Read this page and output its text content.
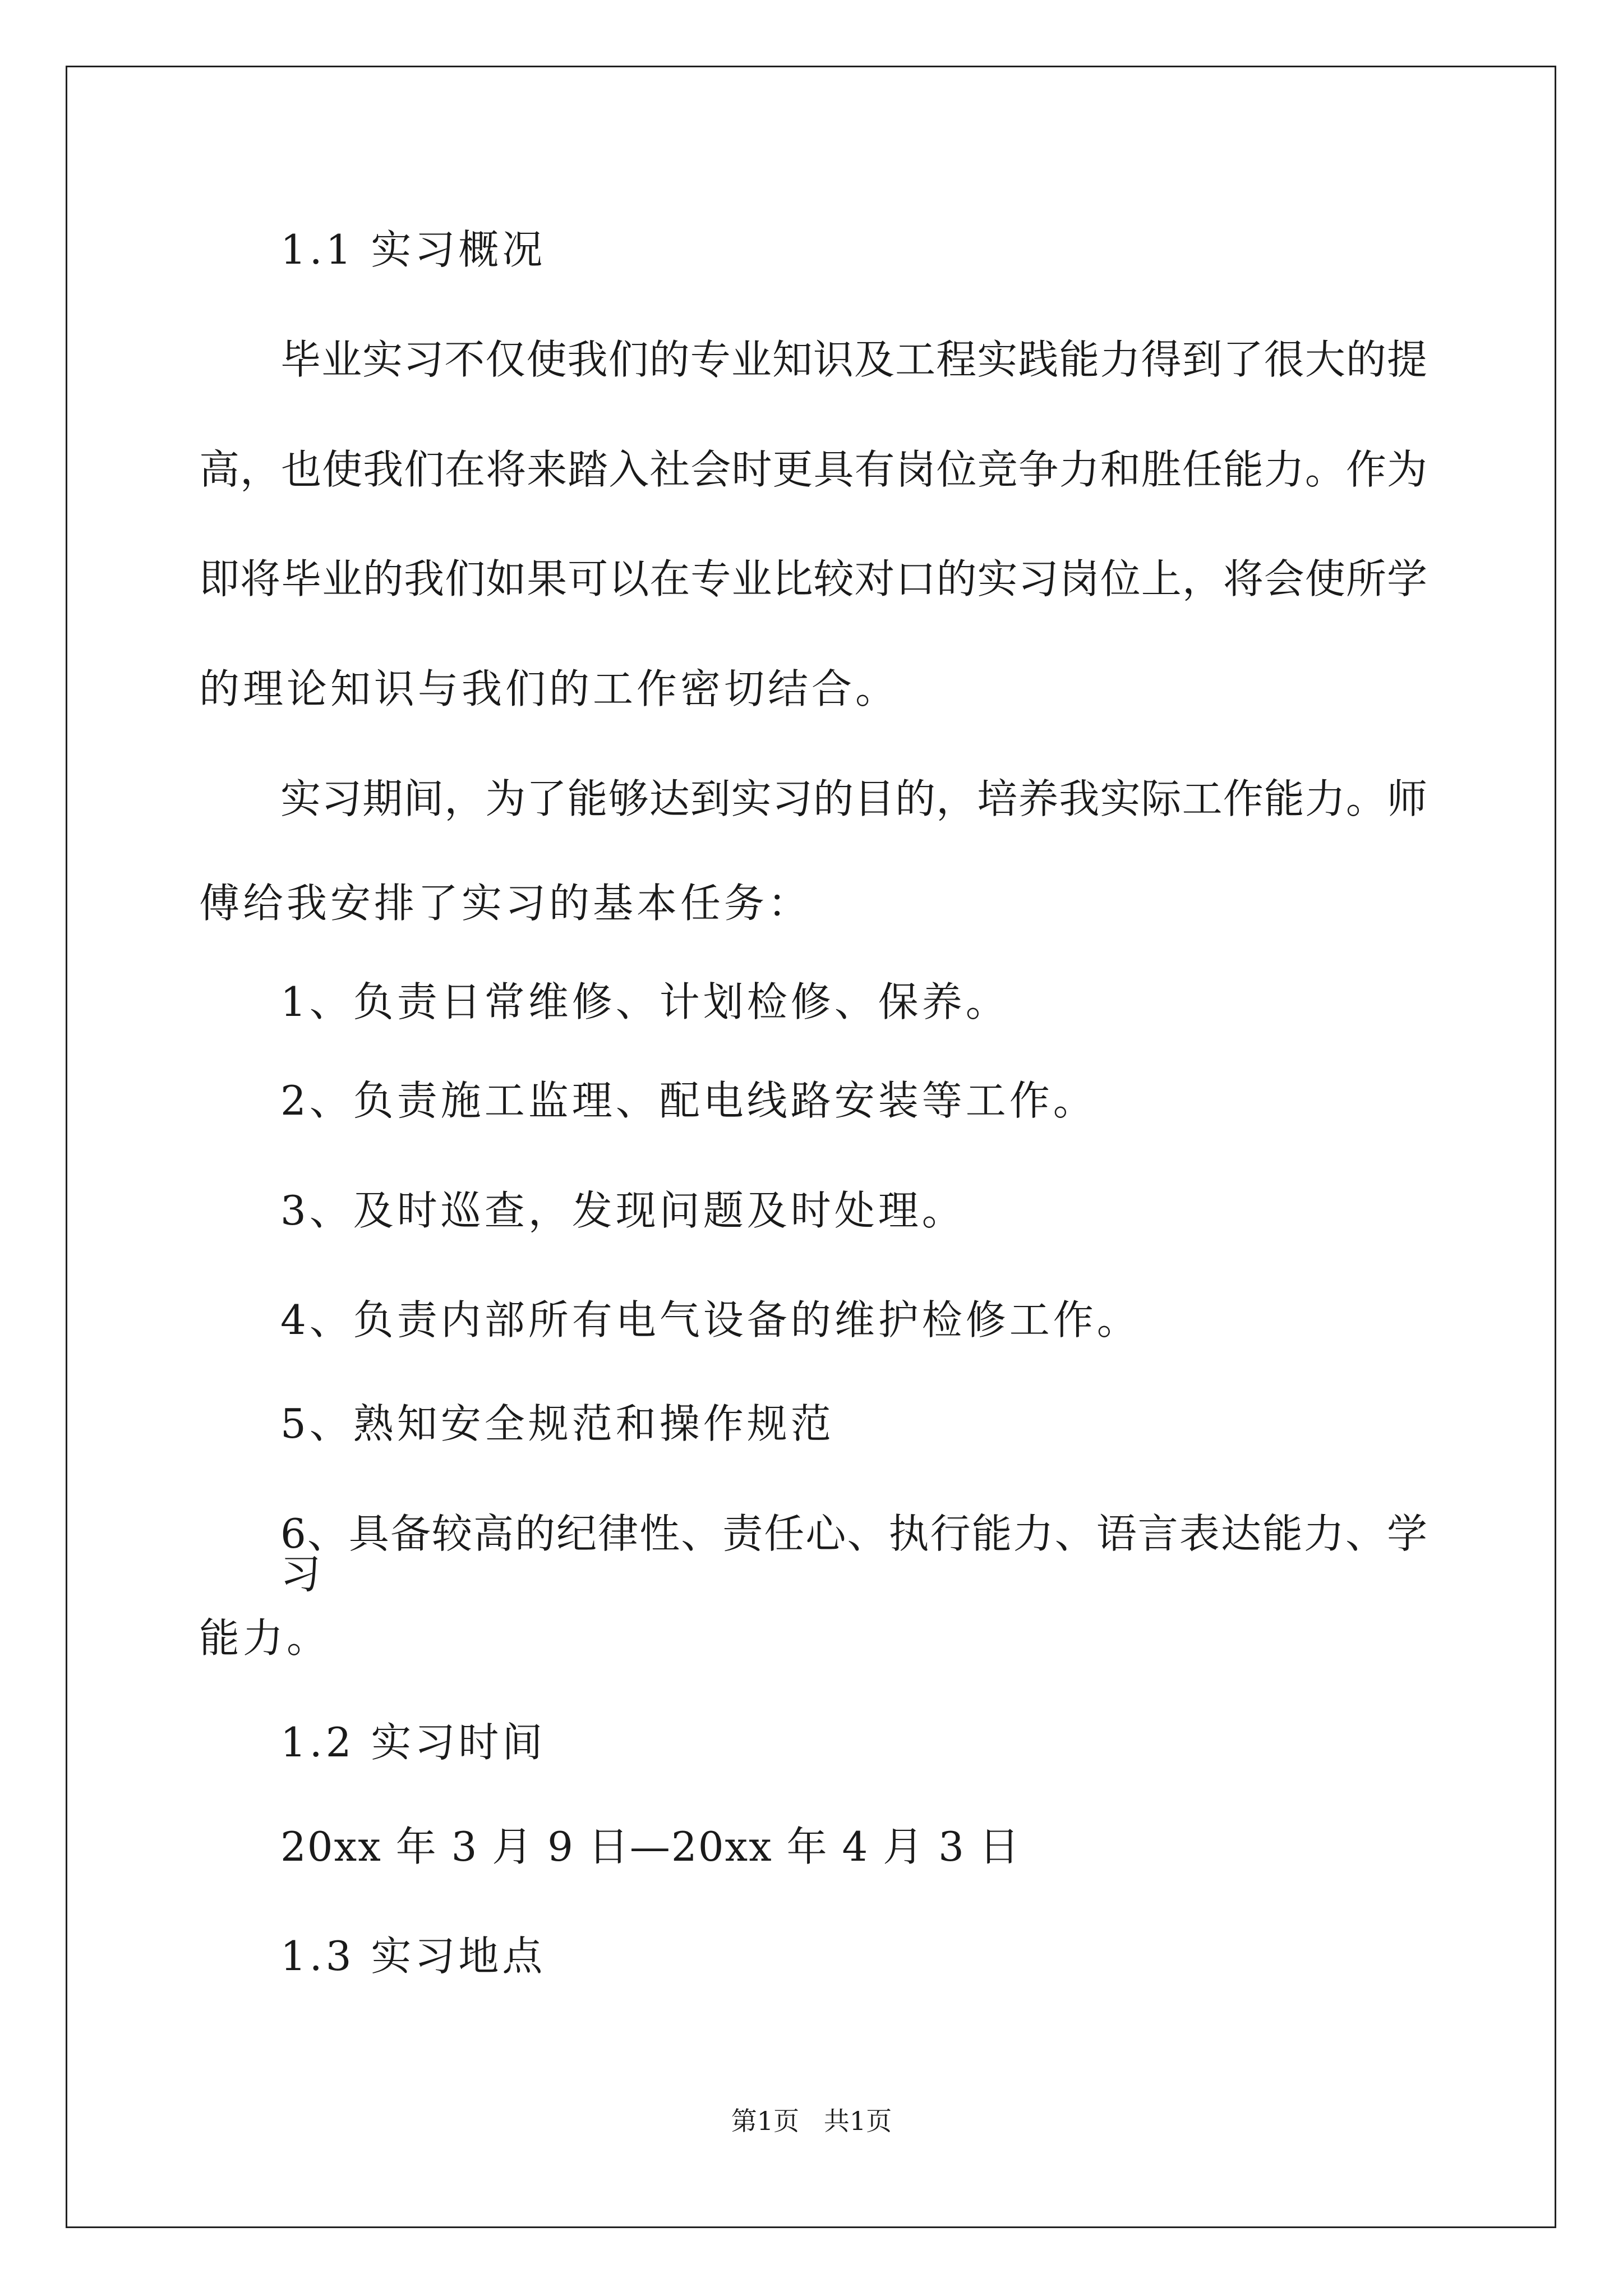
1.1 实习概况
毕业实习不仅使我们的专业知识及工程实践能力得到了很大的提
高，也使我们在将来踏入社会时更具有岗位竞争力和胜任能力。作为
即将毕业的我们如果可以在专业比较对口的实习岗位上，将会使所学
的理论知识与我们的工作密切结合。
实习期间，为了能够达到实习的目的，培养我实际工作能力。师
傅给我安排了实习的基本任务：
1、负责日常维修、计划检修、保养。
2、负责施工监理、配电线路安装等工作。
3、及时巡查，发现问题及时处理。
4、负责内部所有电气设备的维护检修工作。
5、熟知安全规范和操作规范
6、具备较高的纪律性、责任心、执行能力、语言表达能力、学习
能力。
1.2 实习时间
20xx 年 3 月 9 日—20xx 年 4 月 3 日
1.3 实习地点
第1页   共1页
